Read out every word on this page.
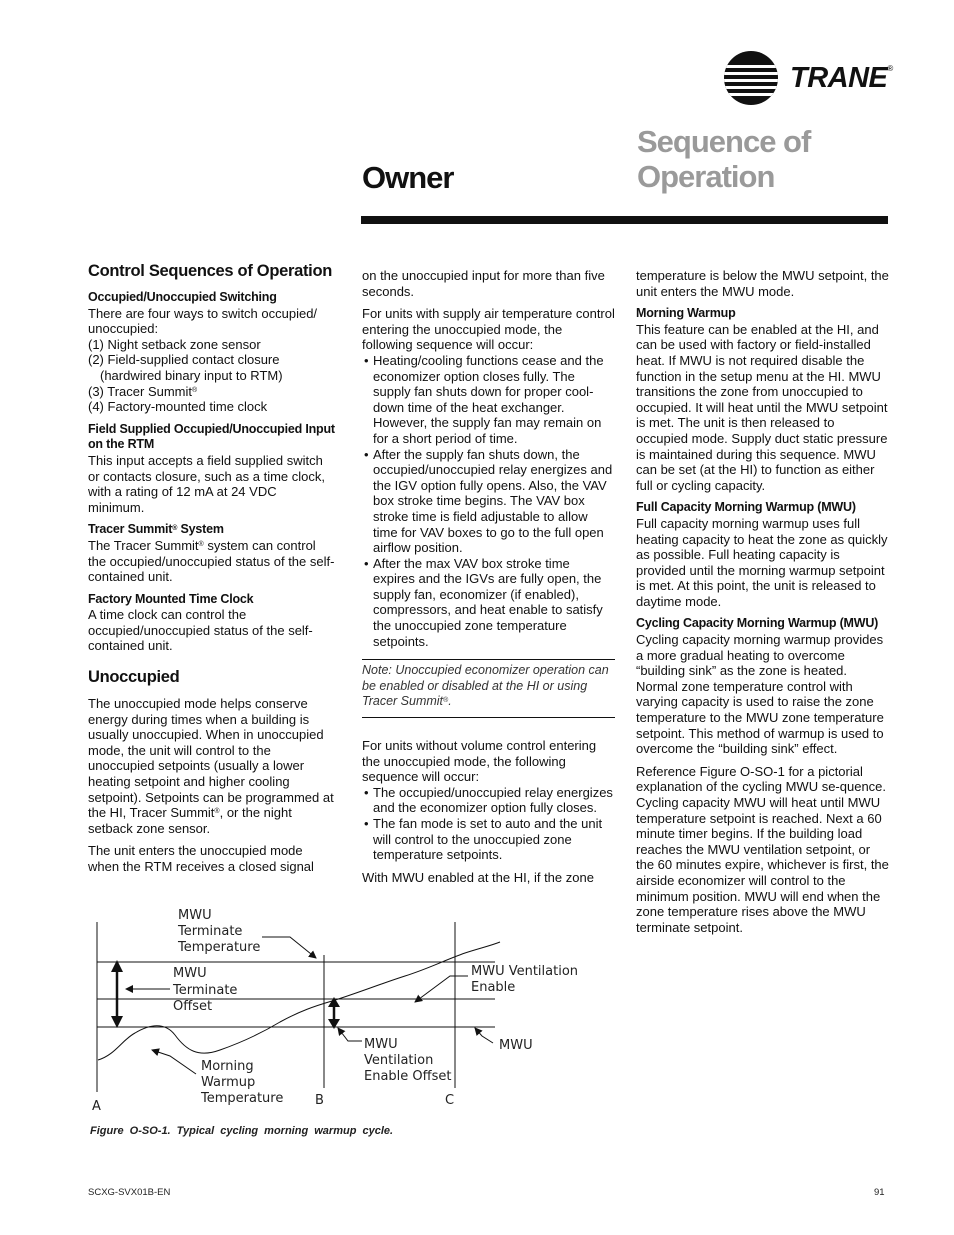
TRANE®
Owner
Sequence of
Operation
Control Sequences of Operation
Occupied/Unoccupied Switching

There are four ways to switch occupied/ unoccupied:
(1) Night setback zone sensor
(2) Field-supplied contact closure

(hardwired binary input to RTM)
(3) Tracer Summit®
(4) Factory-mounted time clock

Field Supplied Occupied/Unoccupied Input on the RTM

This input accepts a field supplied switch or contacts closure, such as a time clock, with a rating of 12 mA at 24 VDC minimum.

Tracer Summit® System

The Tracer Summit® system can control the occupied/unoccupied status of the self-contained unit.

Factory Mounted Time Clock

A time clock can control the occupied/unoccupied status of the self-contained unit.

Unoccupied

The unoccupied mode helps conserve energy during times when a building is usually unoccupied. When in unoccupied mode, the unit will control to the unoccupied setpoints (usually a lower heating setpoint and higher cooling setpoint). Setpoints can be programmed at the HI, Tracer Summit®, or the night setback zone sensor.

The unit enters the unoccupied mode when the RTM receives a closed signal

on the unoccupied input for more than five seconds.

For units with supply air temperature control entering the unoccupied mode, the following sequence will occur:

• Heating/cooling functions cease and the economizer option closes fully. The supply fan shuts down for proper cool-down time of the heat exchanger. However, the supply fan may remain on for a short period of time.
• After the supply fan shuts down, the occupied/unoccupied relay energizes and the IGV option fully opens. Also, the VAV box stroke time begins. The VAV box stroke time is field adjustable to allow time for VAV boxes to go to the full open airflow position.
• After the max VAV box stroke time expires and the IGVs are fully open, the supply fan, economizer (if enabled), compressors, and heat enable to satisfy the unoccupied zone temperature setpoints.
Note: Unoccupied economizer operation can be enabled or disabled at the HI or using Tracer Summit®.

For units without volume control entering the unoccupied mode, the following sequence will occur:

• The occupied/unoccupied relay energizes and the economizer option fully closes.
• The fan mode is set to auto and the unit will control to the unoccupied zone temperature setpoints.

With MWU enabled at the HI, if the zone

temperature is below the MWU setpoint, the unit enters the MWU mode.

Morning Warmup

This feature can be enabled at the HI, and can be used with factory or field-installed heat. If MWU is not required disable the function in the setup menu at the HI. MWU transitions the zone from unoccupied to occupied. It will heat until the MWU setpoint is met. The unit is then released to occupied mode. Supply duct static pressure is maintained during this sequence. MWU can be set (at the HI) to function as either full or cycling capacity.

Full Capacity Morning Warmup (MWU)

Full capacity morning warmup uses full heating capacity to heat the zone as quickly as possible. Full heating capacity is provided until the morning warmup setpoint is met. At this point, the unit is released to daytime mode.

Cycling Capacity Morning Warmup (MWU)

Cycling capacity morning warmup provides a more gradual heating to overcome “building sink” as the zone is heated. Normal zone temperature control with varying capacity is used to raise the zone temperature to the MWU zone temperature setpoint. This method of warmup is used to overcome the “building sink” effect.

Reference Figure O-SO-1 for a pictorial explanation of the cycling MWU se-quence. Cycling capacity MWU will heat until MWU temperature setpoint is reached. Next a 60 minute timer begins. If the building load reaches the MWU ventilation setpoint, or the 60 minutes expire, whichever is first, the airside economizer will control to the minimum position. MWU will end when the zone temperature rises above the MWU terminate setpoint.

MWU Terminate Temperature
MWU Terminate Offset
MWU Ventilation Enable
MWU Ventilation Enable Offset
MWU
Morning Warmup Temperature
A	B	C
Figure O-SO-1. Typical cycling morning warmup cycle.
SCXG-SVX01B-EN	91
